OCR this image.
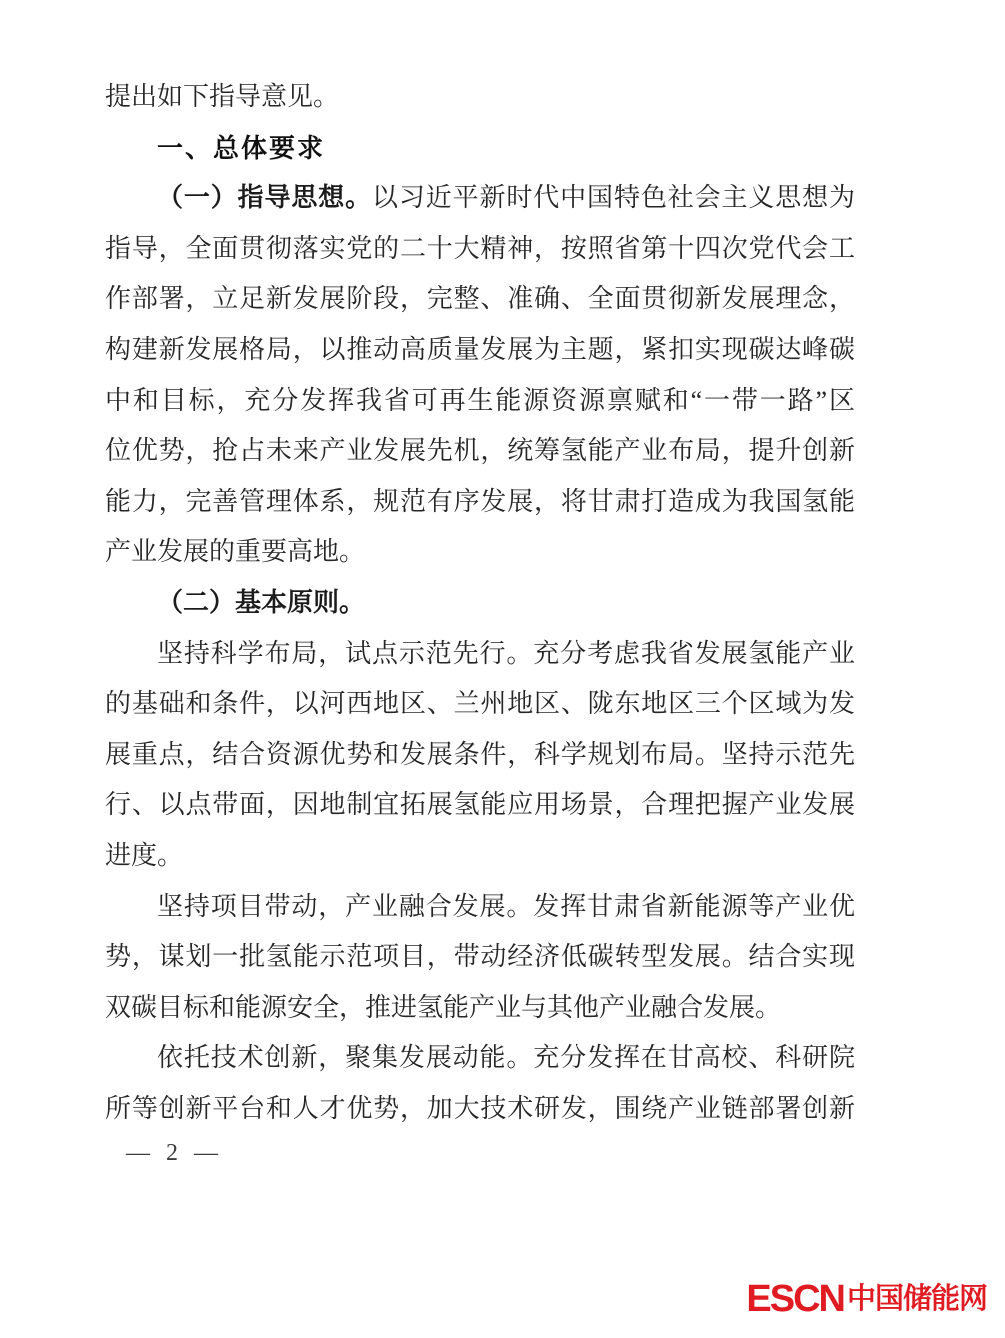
提出如下指导意见。
一、总体要求
（一）指导思想。以习近平新时代中国特色社会主义思想为
指导，全面贯彻落实党的二十大精神，按照省第十四次党代会工
作部署，立足新发展阶段，完整、准确、全面贯彻新发展理念，
构建新发展格局，以推动高质量发展为主题，紧扣实现碳达峰碳
中和目标，充分发挥我省可再生能源资源禀赋和“一带一路”区
位优势，抢占未来产业发展先机，统筹氢能产业布局，提升创新
能力，完善管理体系，规范有序发展，将甘肃打造成为我国氢能
产业发展的重要高地。
（二）基本原则。
坚持科学布局，试点示范先行。充分考虑我省发展氢能产业
的基础和条件，以河西地区、兰州地区、陇东地区三个区域为发
展重点，结合资源优势和发展条件，科学规划布局。坚持示范先
行、以点带面，因地制宜拓展氢能应用场景，合理把握产业发展
进度。
坚持项目带动，产业融合发展。发挥甘肃省新能源等产业优
势，谋划一批氢能示范项目，带动经济低碳转型发展。结合实现
双碳目标和能源安全，推进氢能产业与其他产业融合发展。
依托技术创新，聚集发展动能。充分发挥在甘高校、科研院
所等创新平台和人才优势，加大技术研发，围绕产业链部署创新
— 2 —
ESCN 中国储能网
